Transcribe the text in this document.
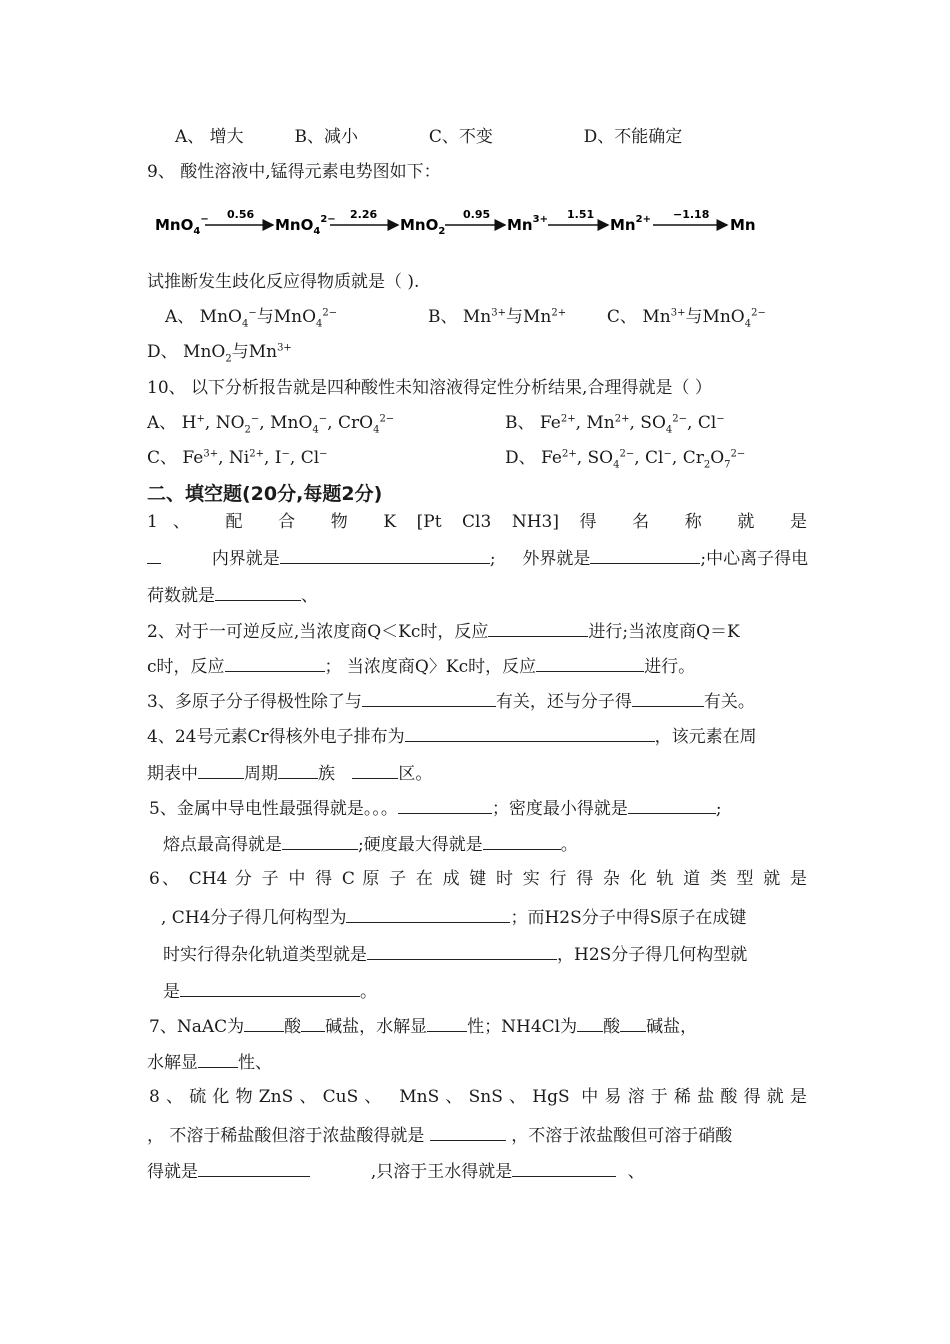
A、 增大	B、减小	C、不变	D、不能确定
9、 酸性溶液中,锰得元素电势图如下：
MnO$_4$− 0.56
MnO$_4^{2-}$ 2.26
MnO$_2$
0.95
$Mn^{3+}$ 1.51
$Mn^{2+} -1.18$
Mn
试推断发生歧化反应得物质就是（ ).
A、 MnO$_4$−与MnO$_4^{2-}$	B、 $Mn^{3+}$与$Mn^{2+}$ C、 $Mn^{3+}$与MnO$_4^{2-}$
D、 MnO$_2$与$Mn^{3+}$
10、 以下分析报告就是四种酸性未知溶液得定性分析结果,合理得就是（ ）
A、 H+, $NO_2^-$, MnO$_4$−, CrO$_4^{2-}$	B、 $Fe^{2+}$, $Mn^{2+}$, $SO_4^{2-}$, Cl−
C、 $Fe^{3+}$, $Ni^{2+}$, I−, Cl−	D、 $Fe^{2+}$, $SO_4^{2-}$, Cl−, $Cr_2O_7^{2-}$
二、填空题(20分,每题2分)
1、 配 合 物 K [Pt Cl3 NH3] 得 名 称 就 是
内界就是	;  外界就是	;中心离子得电
荷数就是	、
2、对于一可逆反应,当浓度商Q＜Kc时，反应	进行;当浓度商Q＝K
c时，反应	； 当浓度商Q〉Kc时，反应	进行。
3、多原子分子得极性除了与	有关，还与分子得	有关。
4、24号元素Cr得核外电子排布为	，该元素在周
期表中	周期 族	区。
5、金属中导电性最强得就是。。。	；密度最小得就是	;
熔点最高得就是	;硬度最大得就是	。
6、 CH4 分 子 中 得 C 原 子 在 成 键 时 实 行 得 杂 化 轨 道 类 型 就 是
, CH4分子得几何构型为	；而H2S分子中得S原子在成键
时实行得杂化轨道类型就是	，H2S分子得几何构型就
是	。
7、NaAC为 酸 碱盐，水解显 性；NH4Cl为 酸 碱盐，
水解显 性、
8、硫化物ZnS、CuS、 MnS、SnS、HgS 中易溶于稀盐酸得就是
， 不溶于稀盐酸但溶于浓盐酸得就是	，不溶于浓盐酸但可溶于硝酸
得就是	,只溶于王水得就是	、
